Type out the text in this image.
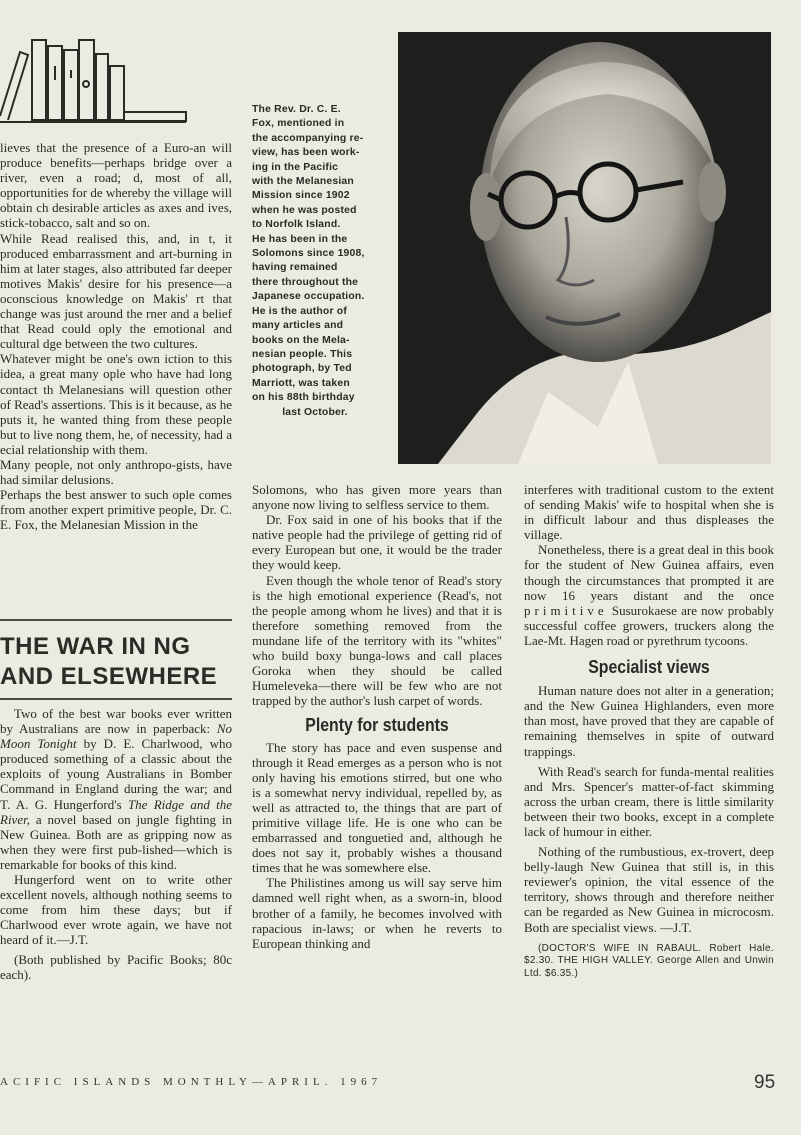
The Rev. Dr. C. E.

Fox, mentioned in

the accompanying re-

view, has been work-

ing in the Pacific

with the Melanesian

Mission since 1902

when he was posted

to Norfolk Island.

He has been in the

Solomons since 1908,

having remained

there throughout the

Japanese occupation.

He is the author of

many articles and

books on the Mela-

nesian people. This

photograph, by Ted

Marriott, was taken

on his 88th birthday

last October.

lieves that the presence of a Euro-an will produce benefits—perhaps bridge over a river, even a road; d, most of all, opportunities for de whereby the village will obtain ch desirable articles as axes and ives, stick-tobacco, salt and so on.

While Read realised this, and, in t, it produced embarrassment and art-burning in him at later stages, also attributed far deeper motives Makis' desire for his presence—a oconscious knowledge on Makis' rt that change was just around the rner and a belief that Read could oply the emotional and cultural dge between the two cultures.

Whatever might be one's own iction to this idea, a great many ople who have had long contact th Melanesians will question other of Read's assertions. This is it because, as he puts it, he wanted thing from these people but to live nong them, he, of necessity, had a ecial relationship with them.

Many people, not only anthropo-gists, have had similar delusions.

Perhaps the best answer to such ople comes from another expert primitive people, Dr. C. E. Fox, the Melanesian Mission in the

THE WAR IN NG
AND ELSEWHERE

Two of the best war books ever written by Australians are now in paperback: No Moon Tonight by D. E. Charlwood, who produced something of a classic about the exploits of young Australians in Bomber Command in England during the war; and T. A. G. Hungerford's The Ridge and the River, a novel based on jungle fighting in New Guinea. Both are as gripping now as when they were first pub-lished—which is remarkable for books of this kind.

Hungerford went on to write other excellent novels, although nothing seems to come from him these days; but if Charlwood ever wrote again, we have not heard of it.—J.T.

(Both published by Pacific Books; 80c each).

Solomons, who has given more years than anyone now living to selfless service to them.

Dr. Fox said in one of his books that if the native people had the privilege of getting rid of every European but one, it would be the trader they would keep.

Even though the whole tenor of Read's story is the high emotional experience (Read's, not the people among whom he lives) and that it is therefore something removed from the mundane life of the territory with its "whites" who build boxy bunga-lows and call places Goroka when they should be called Humeleveka—there will be few who are not trapped by the author's lush carpet of words.

Plenty for students

The story has pace and even suspense and through it Read emerges as a person who is not only having his emotions stirred, but one who is a somewhat nervy individual, repelled by, as well as attracted to, the things that are part of primitive village life. He is one who can be embarrassed and tonguetied and, although he does not say it, probably wishes a thousand times that he was somewhere else.

The Philistines among us will say serve him damned well right when, as a sworn-in, blood brother of a family, he becomes involved with rapacious in-laws; or when he reverts to European thinking and

interferes with traditional custom to the extent of sending Makis' wife to hospital when she is in difficult labour and thus displeases the village.

Nonetheless, there is a great deal in this book for the student of New Guinea affairs, even though the circumstances that prompted it are now 16 years distant and the once primitive Susurokaese are now probably successful coffee growers, truckers along the Lae-Mt. Hagen road or pyrethrum tycoons.

Specialist views

Human nature does not alter in a generation; and the New Guinea Highlanders, even more than most, have proved that they are capable of remaining themselves in spite of outward trappings.

With Read's search for funda-mental realities and Mrs. Spencer's matter-of-fact skimming across the urban cream, there is little similarity between their two books, except in a complete lack of humour in either.

Nothing of the rumbustious, ex-trovert, deep belly-laugh New Guinea that still is, in this reviewer's opinion, the vital essence of the territory, shows through and therefore neither can be regarded as New Guinea in microcosm. Both are specialist views. —J.T.

(DOCTOR'S WIFE IN RABAUL. Robert Hale. $2.30. THE HIGH VALLEY. George Allen and Unwin Ltd. $6.35.)

ACIFIC ISLANDS MONTHLY—APRIL. 1967	95
